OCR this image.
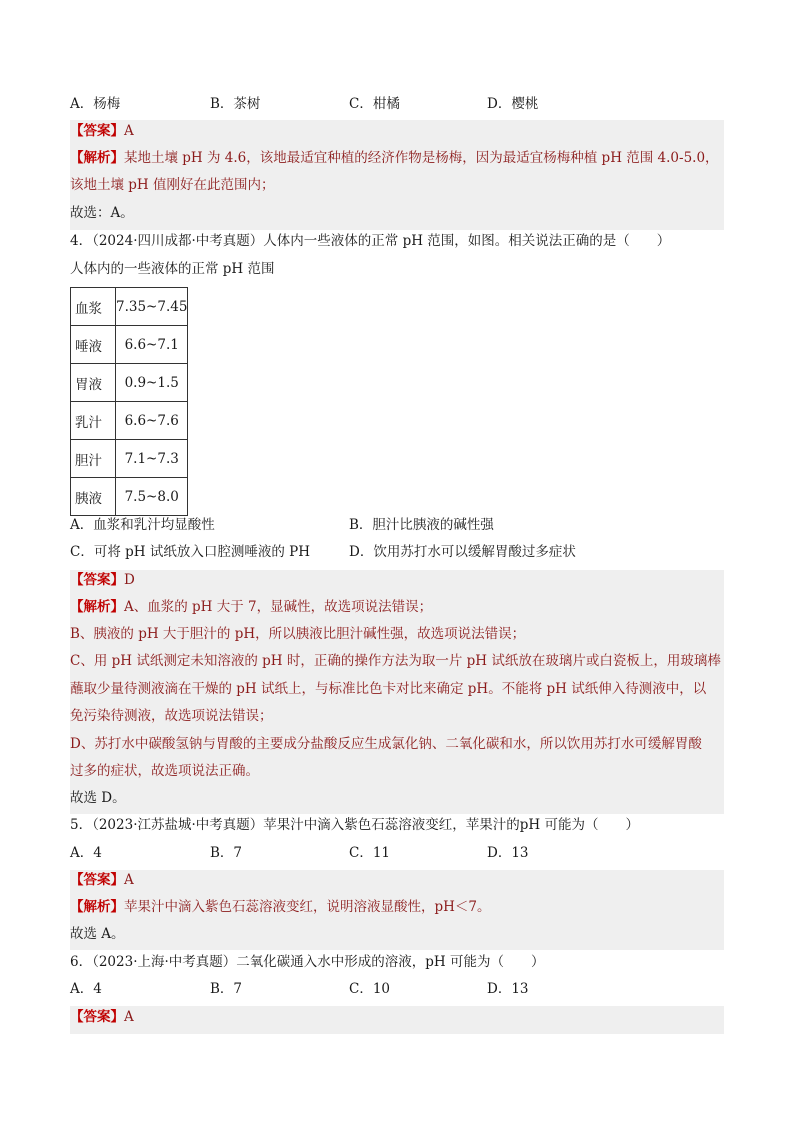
A．杨梅	B．茶树	C．柑橘	D．樱桃
【答案】A
【解析】某地土壤 pH 为 4.6，该地最适宜种植的经济作物是杨梅，因为最适宜杨梅种植 pH 范围 4.0-5.0，
该地土壤 pH 值刚好在此范围内；
故选：A。
4．（2024·四川成都·中考真题）人体内一些液体的正常 pH 范围，如图。相关说法正确的是（　　）
人体内的一些液体的正常 pH 范围
血浆	7.35~7.45
唾液	6.6~7.1
胃液	0.9~1.5
乳汁	6.6~7.6
胆汁	7.1~7.3
胰液	7.5~8.0
A．血浆和乳汁均显酸性	B．胆汁比胰液的碱性强
C．可将 pH 试纸放入口腔测唾液的 PH	D．饮用苏打水可以缓解胃酸过多症状
【答案】D
【解析】A、血浆的 pH 大于 7，显碱性，故选项说法错误；
B、胰液的 pH 大于胆汁的 pH，所以胰液比胆汁碱性强，故选项说法错误；
C、用 pH 试纸测定未知溶液的 pH 时，正确的操作方法为取一片 pH 试纸放在玻璃片或白瓷板上，用玻璃棒
蘸取少量待测液滴在干燥的 pH 试纸上，与标准比色卡对比来确定 pH。不能将 pH 试纸伸入待测液中，以
免污染待测液，故选项说法错误；
D、苏打水中碳酸氢钠与胃酸的主要成分盐酸反应生成氯化钠、二氧化碳和水，所以饮用苏打水可缓解胃酸
过多的症状，故选项说法正确。
故选 D。
5．（2023·江苏盐城·中考真题）苹果汁中滴入紫色石蕊溶液变红，苹果汁的pH 可能为（　　）
A．4	B．7	C．11	D．13
【答案】A
【解析】苹果汁中滴入紫色石蕊溶液变红，说明溶液显酸性，pH＜7。
故选 A。
6．（2023·上海·中考真题）二氧化碳通入水中形成的溶液，pH 可能为（　　）
A．4	B．7	C．10	D．13
【答案】A
